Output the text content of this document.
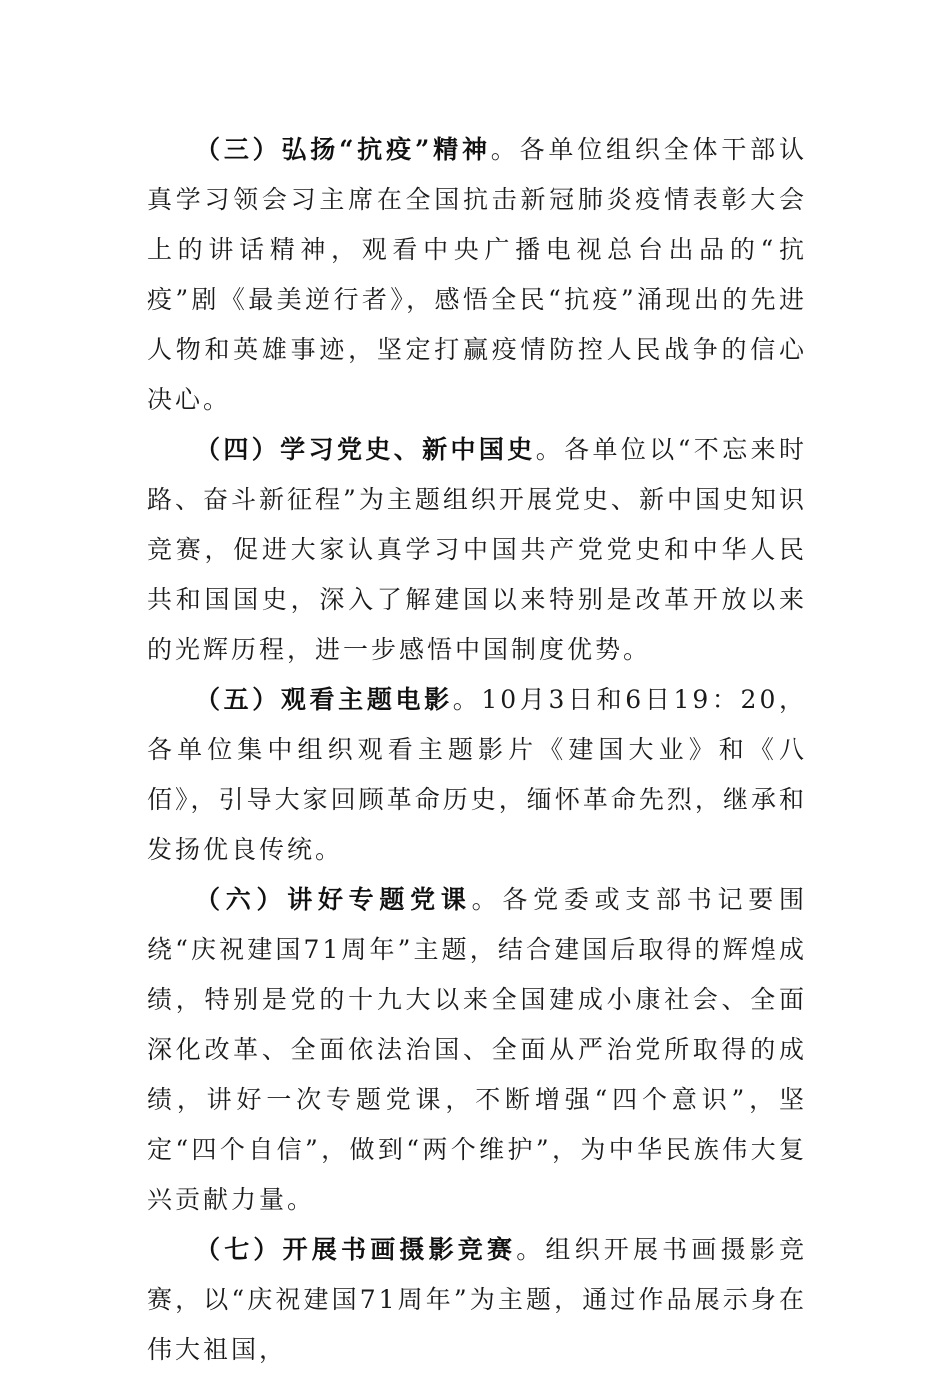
（三）弘扬“抗疫”精神。各单位组织全体干部认真学习领会习主席在全国抗击新冠肺炎疫情表彰大会上的讲话精神，观看中央广播电视总台出品的“抗疫”剧《最美逆行者》，感悟全民“抗疫”涌现出的先进人物和英雄事迹，坚定打赢疫情防控人民战争的信心决心。

（四）学习党史、新中国史。各单位以“不忘来时路、奋斗新征程”为主题组织开展党史、新中国史知识竞赛，促进大家认真学习中国共产党党史和中华人民共和国国史，深入了解建国以来特别是改革开放以来的光辉历程，进一步感悟中国制度优势。

（五）观看主题电影。10月3日和6日19：20，各单位集中组织观看主题影片《建国大业》和《八佰》，引导大家回顾革命历史，缅怀革命先烈，继承和发扬优良传统。

（六）讲好专题党课。各党委或支部书记要围绕“庆祝建国71周年”主题，结合建国后取得的辉煌成绩，特别是党的十九大以来全国建成小康社会、全面深化改革、全面依法治国、全面从严治党所取得的成绩，讲好一次专题党课，不断增强“四个意识”，坚定“四个自信”，做到“两个维护”，为中华民族伟大复兴贡献力量。

（七）开展书画摄影竞赛。组织开展书画摄影竞赛，以“庆祝建国71周年”为主题，通过作品展示身在伟大祖国，
